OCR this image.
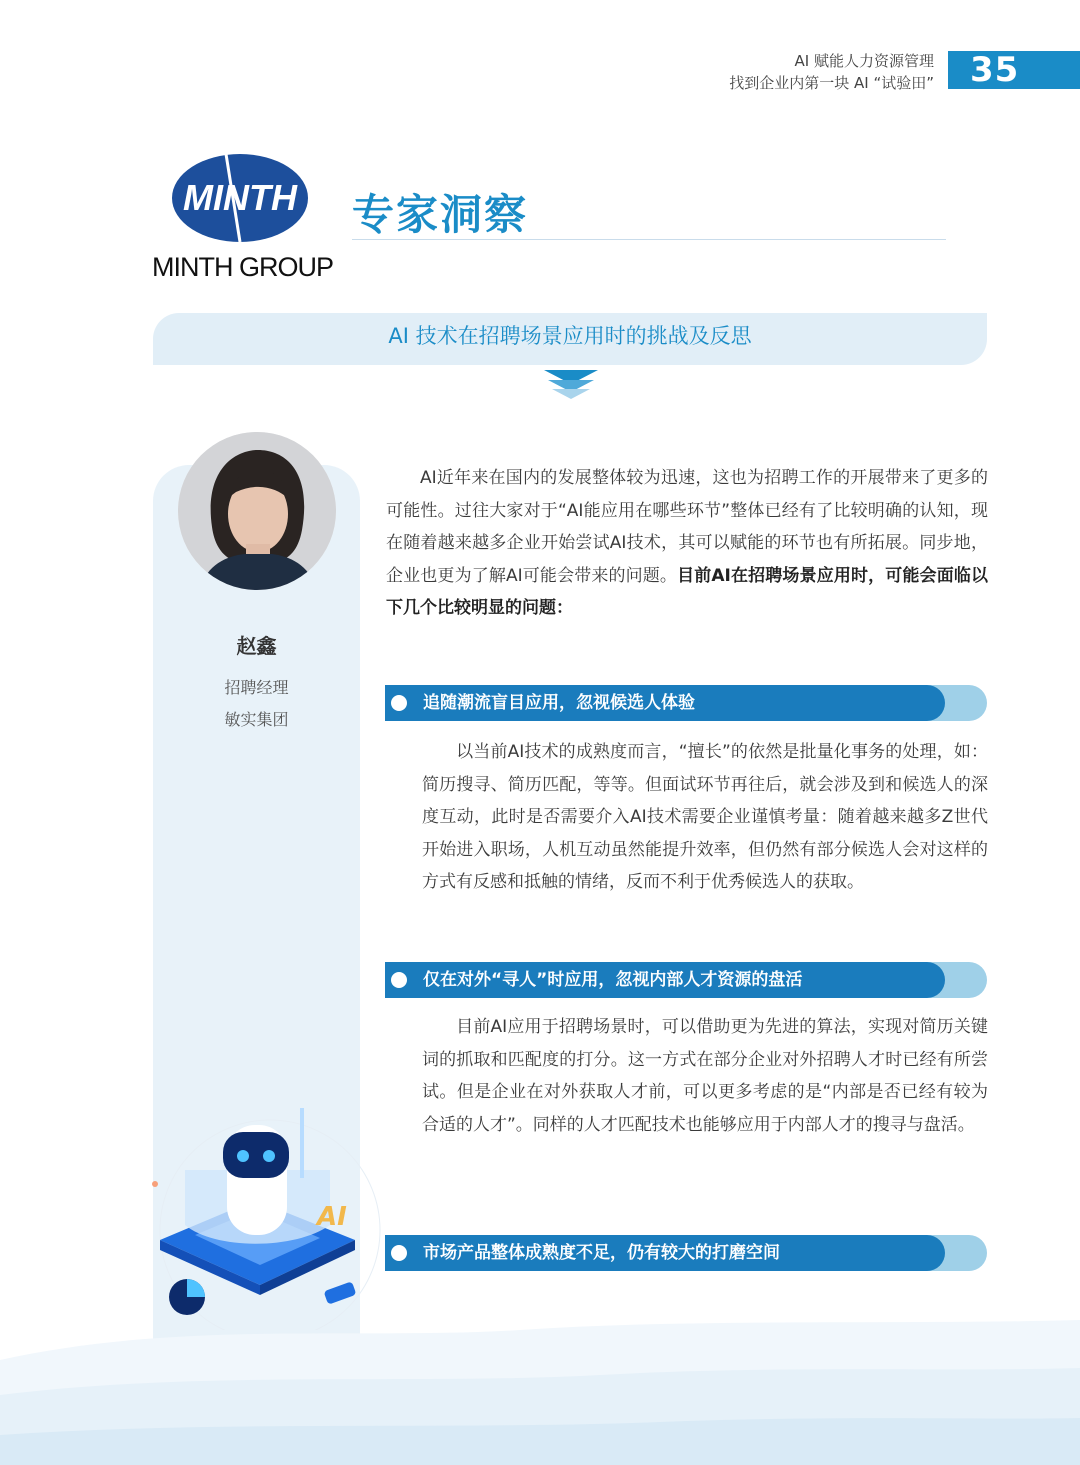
AI 赋能人力资源管理
找到企业内第一块 AI “试验田” 35
MINTH
MINTH GROUP
专家洞察
AI 技术在招聘场景应用时的挑战及反思
赵鑫
招聘经理
敏实集团
AI
AI近年来在国内的发展整体较为迅速，这也为招聘工作的开展带来了更多的可能性。过往大家对于“AI能应用在哪些环节”整体已经有了比较明确的认知，现在随着越来越多企业开始尝试AI技术，其可以赋能的环节也有所拓展。同步地，企业也更为了解AI可能会带来的问题。目前AI在招聘场景应用时，可能会面临以下几个比较明显的问题：
追随潮流盲目应用，忽视候选人体验
以当前AI技术的成熟度而言，“擅长”的依然是批量化事务的处理，如：简历搜寻、简历匹配，等等。但面试环节再往后，就会涉及到和候选人的深度互动，此时是否需要介入AI技术需要企业谨慎考量：随着越来越多Z世代开始进入职场，人机互动虽然能提升效率，但仍然有部分候选人会对这样的方式有反感和抵触的情绪，反而不利于优秀候选人的获取。
仅在对外“寻人”时应用，忽视内部人才资源的盘活
目前AI应用于招聘场景时，可以借助更为先进的算法，实现对简历关键词的抓取和匹配度的打分。这一方式在部分企业对外招聘人才时已经有所尝试。但是企业在对外获取人才前，可以更多考虑的是“内部是否已经有较为合适的人才”。同样的人才匹配技术也能够应用于内部人才的搜寻与盘活。
市场产品整体成熟度不足，仍有较大的打磨空间
